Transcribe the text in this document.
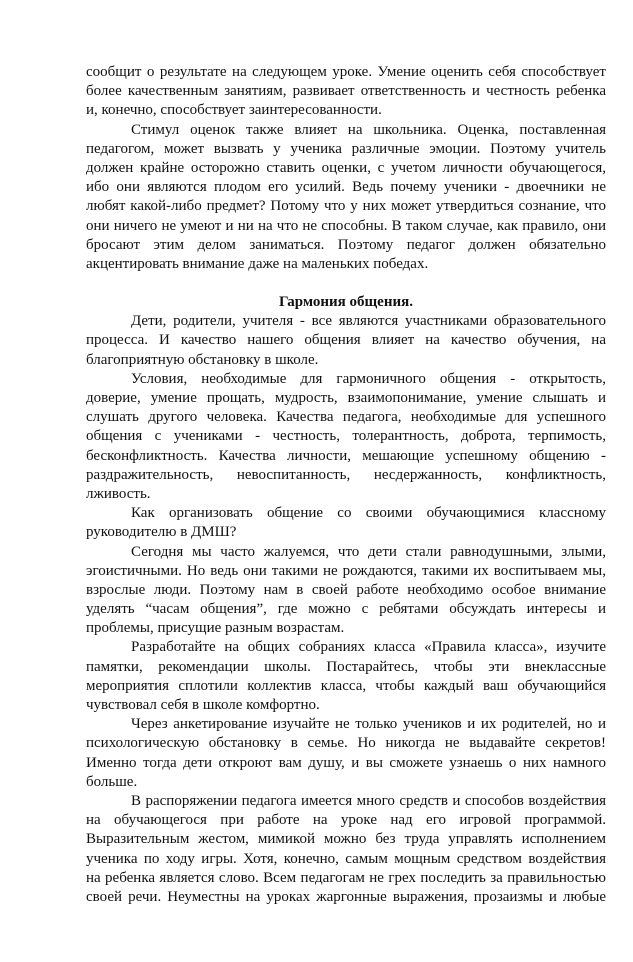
сообщит о результате на следующем уроке. Умение оценить себя способствует
более качественным занятиям, развивает ответственность и честность ребенка
и, конечно, способствует заинтересованности.
Стимул оценок также влияет на школьника. Оценка, поставленная
педагогом, может вызвать у ученика различные эмоции. Поэтому учитель
должен крайне осторожно ставить оценки, с учетом личности обучающегося,
ибо они являются плодом его усилий. Ведь почему ученики - двоечники не
любят какой-либо предмет? Потому что у них может утвердиться сознание, что
они ничего не умеют и ни на что не способны. В таком случае, как правило, они
бросают этим делом заниматься. Поэтому педагог должен обязательно
акцентировать внимание даже на маленьких победах.
Гармония общения.
Дети, родители, учителя - все являются участниками образовательного
процесса. И качество нашего общения влияет на качество обучения, на
благоприятную обстановку в школе.
Условия, необходимые для гармоничного общения - открытость,
доверие, умение прощать, мудрость, взаимопонимание, умение слышать и
слушать другого человека. Качества педагога, необходимые для успешного
общения с учениками - честность, толерантность, доброта, терпимость,
бесконфликтность. Качества личности, мешающие успешному общению -
раздражительность, невоспитанность, несдержанность, конфликтность,
лживость.
Как организовать общение со своими обучающимися классному
руководителю в ДМШ?
Сегодня мы часто жалуемся, что дети стали равнодушными, злыми,
эгоистичными. Но ведь они такими не рождаются, такими их воспитываем мы,
взрослые люди. Поэтому нам в своей работе необходимо особое внимание
уделять “часам общения”, где можно с ребятами обсуждать интересы и
проблемы, присущие разным возрастам.
Разработайте на общих собраниях класса «Правила класса», изучите
памятки, рекомендации школы. Постарайтесь, чтобы эти внеклассные
мероприятия сплотили коллектив класса, чтобы каждый ваш обучающийся
чувствовал себя в школе комфортно.
Через анкетирование изучайте не только учеников и их родителей, но и
психологическую обстановку в семье. Но никогда не выдавайте секретов!
Именно тогда дети откроют вам душу, и вы сможете узнаешь о них намного
больше.
В распоряжении педагога имеется много средств и способов воздействия
на обучающегося при работе на уроке над его игровой программой.
Выразительным жестом, мимикой можно без труда управлять исполнением
ученика по ходу игры. Хотя, конечно, самым мощным средством воздействия
на ребенка является слово. Всем педагогам не грех последить за правильностью
своей речи. Неуместны на уроках жаргонные выражения, прозаизмы и любые
